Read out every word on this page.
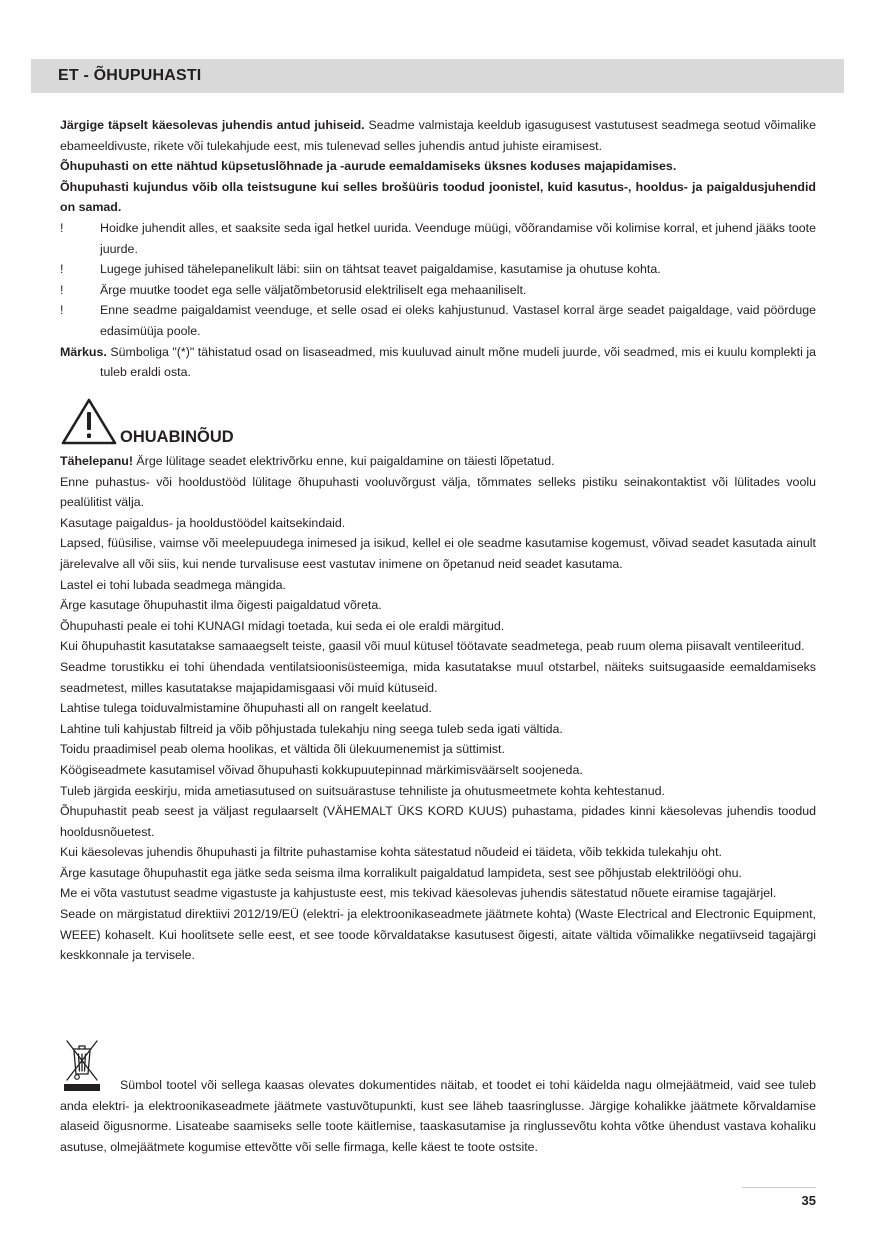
ET - ÕHUPUHASTI

Järgige täpselt käesolevas juhendis antud juhiseid. Seadme valmistaja keeldub igasugusest vastutusest seadmega seotud võimalike ebameeldivuste, rikete või tulekahjude eest, mis tulenevad selles juhendis antud juhiste eiramisest.

Õhupuhasti on ette nähtud küpsetuslõhnade ja -aurude eemaldamiseks üksnes koduses majapidamises.

Õhupuhasti kujundus võib olla teistsugune kui selles brošüüris toodud joonistel, kuid kasutus-, hooldus- ja paigaldusjuhendid on samad.

!	Hoidke juhendit alles, et saaksite seda igal hetkel uurida. Veenduge müügi, võõrandamise või kolimise korral, et juhend jääks toote juurde.
!	Lugege juhised tähelepanelikult läbi: siin on tähtsat teavet paigaldamise, kasutamise ja ohutuse kohta.
!	Ärge muutke toodet ega selle väljatõmbetorusid elektriliselt ega mehaaniliselt.
!	Enne seadme paigaldamist veenduge, et selle osad ei oleks kahjustunud. Vastasel korral ärge seadet paigaldage, vaid pöörduge edasimüüja poole.

Märkus. Sümboliga "(*)" tähistatud osad on lisaseadmed, mis kuuluvad ainult mõne mudeli juurde, või seadmed, mis ei kuulu komplekti ja tuleb eraldi osta.

OHUABINÕUD

Tähelepanu! Ärge lülitage seadet elektrivõrku enne, kui paigaldamine on täiesti lõpetatud.

Enne puhastus- või hooldustööd lülitage õhupuhasti vooluvõrgust välja, tõmmates selleks pistiku seinakontaktist või lülitades voolu pealülitist välja.

Kasutage paigaldus- ja hooldustöödel kaitsekindaid.

Lapsed, füüsilise, vaimse või meelepuudega inimesed ja isikud, kellel ei ole seadme kasutamise kogemust, võivad seadet kasutada ainult järelevalve all või siis, kui nende turvalisuse eest vastutav inimene on õpetanud neid seadet kasutama.

Lastel ei tohi lubada seadmega mängida.

Ärge kasutage õhupuhastit ilma õigesti paigaldatud võreta.

Õhupuhasti peale ei tohi KUNAGI midagi toetada, kui seda ei ole eraldi märgitud.

Kui õhupuhastit kasutatakse samaaegselt teiste, gaasil või muul kütusel töötavate seadmetega, peab ruum olema piisavalt ventileeritud.

Seadme torustikku ei tohi ühendada ventilatsioonisüsteemiga, mida kasutatakse muul otstarbel, näiteks suitsugaaside eemaldamiseks seadmetest, milles kasutatakse majapidamisgaasi või muid kütuseid.

Lahtise tulega toiduvalmistamine õhupuhasti all on rangelt keelatud.

Lahtine tuli kahjustab filtreid ja võib põhjustada tulekahju ning seega tuleb seda igati vältida.

Toidu praadimisel peab olema hoolikas, et vältida õli ülekuumenemist ja süttimist.

Köögiseadmete kasutamisel võivad õhupuhasti kokkupuutepinnad märkimisväärselt soojeneda.

Tuleb järgida eeskirju, mida ametiasutused on suitsuärastuse tehniliste ja ohutusmeetmete kohta kehtestanud.

Õhupuhastit peab seest ja väljast regulaarselt (VÄHEMALT ÜKS KORD KUUS) puhastama, pidades kinni käesolevas juhendis toodud hooldusnõuetest.

Kui käesolevas juhendis õhupuhasti ja filtrite puhastamise kohta sätestatud nõudeid ei täideta, võib tekkida tulekahju oht.

Ärge kasutage õhupuhastit ega jätke seda seisma ilma korralikult paigaldatud lampideta, sest see põhjustab elektrilöögi ohu.

Me ei võta vastutust seadme vigastuste ja kahjustuste eest, mis tekivad käesolevas juhendis sätestatud nõuete eiramise tagajärjel.

Seade on märgistatud direktiivi 2012/19/EÜ (elektri- ja elektroonikaseadmete jäätmete kohta) (Waste Electrical and Electronic Equipment, WEEE) kohaselt. Kui hoolitsete selle eest, et see toode kõrvaldatakse kasutusest õigesti, aitate vältida võimalikke negatiivseid tagajärgi keskkonnale ja tervisele.

Sümbol tootel või sellega kaasas olevates dokumentides näitab, et toodet ei tohi käidelda nagu olmejäätmeid, vaid see tuleb anda elektri- ja elektroonikaseadmete jäätmete vastuvõtupunkti, kust see läheb taasringlusse. Järgige kohalikke jäätmete kõrvaldamise alaseid õigusnorme. Lisateabe saamiseks selle toote käitlemise, taaskasutamise ja ringlussevõtu kohta võtke ühendust vastava kohaliku asutuse, olmejäätmete kogumise ettevõtte või selle firmaga, kelle käest te toote ostsite.

35
